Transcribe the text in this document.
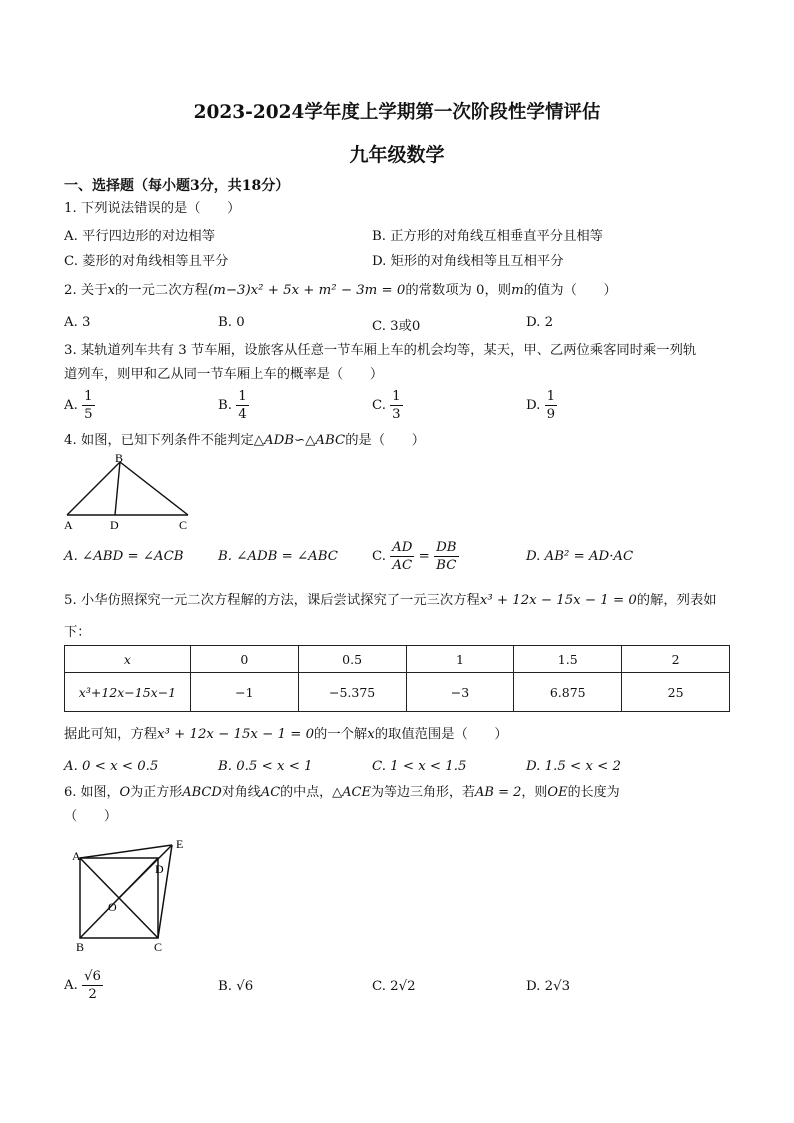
2023-2024学年度上学期第一次阶段性学情评估
九年级数学
一、选择题（每小题3分，共18分）
1. 下列说法错误的是（　　）
A. 平行四边形的对边相等	B. 正方形的对角线互相垂直平分且相等
C. 菱形的对角线相等且平分	D. 矩形的对角线相等且互相平分
2. 关于x的一元二次方程(m−3)x² + 5x + m² − 3m = 0的常数项为 0，则m的值为（　　）
A. 3	B. 0	C. 3或0	D. 2
3. 某轨道列车共有 3 节车厢，设旅客从任意一节车厢上车的机会均等，某天，甲、乙两位乘客同时乘一列轨
道列车，则甲和乙从同一节车厢上车的概率是（　　）
A. $\frac{1}{5}$	B. $\frac{1}{4}$	C. $\frac{1}{3}$	D. $\frac{1}{9}$
4. 如图，已知下列条件不能判定△ADB∽△ABC的是（　　）
B
A	D	C
A. ∠ABD = ∠ACB	B. ∠ADB = ∠ABC	C. $\frac{AD}{AC} = \frac{DB}{BC}$	D. AB² = AD·AC
5. 小华仿照探究一元二次方程解的方法，课后尝试探究了一元三次方程x³ + 12x − 15x − 1 = 0的解，列表如
下：
x	0	0.5	1	1.5	2
x³+12x−15x−1	−1	−5.375	−3	6.875	25
据此可知，方程x³ + 12x − 15x − 1 = 0的一个解x的取值范围是（　　）
A. 0 < x < 0.5	B. 0.5 < x < 1	C. 1 < x < 1.5	D. 1.5 < x < 2
6. 如图，O为正方形ABCD对角线AC的中点，△ACE为等边三角形，若AB = 2，则OE的长度为
（　　）
A
E
D
O
B	C
A. $\frac{√6}{2}$	B. √6	C. 2√2	D. 2√3
